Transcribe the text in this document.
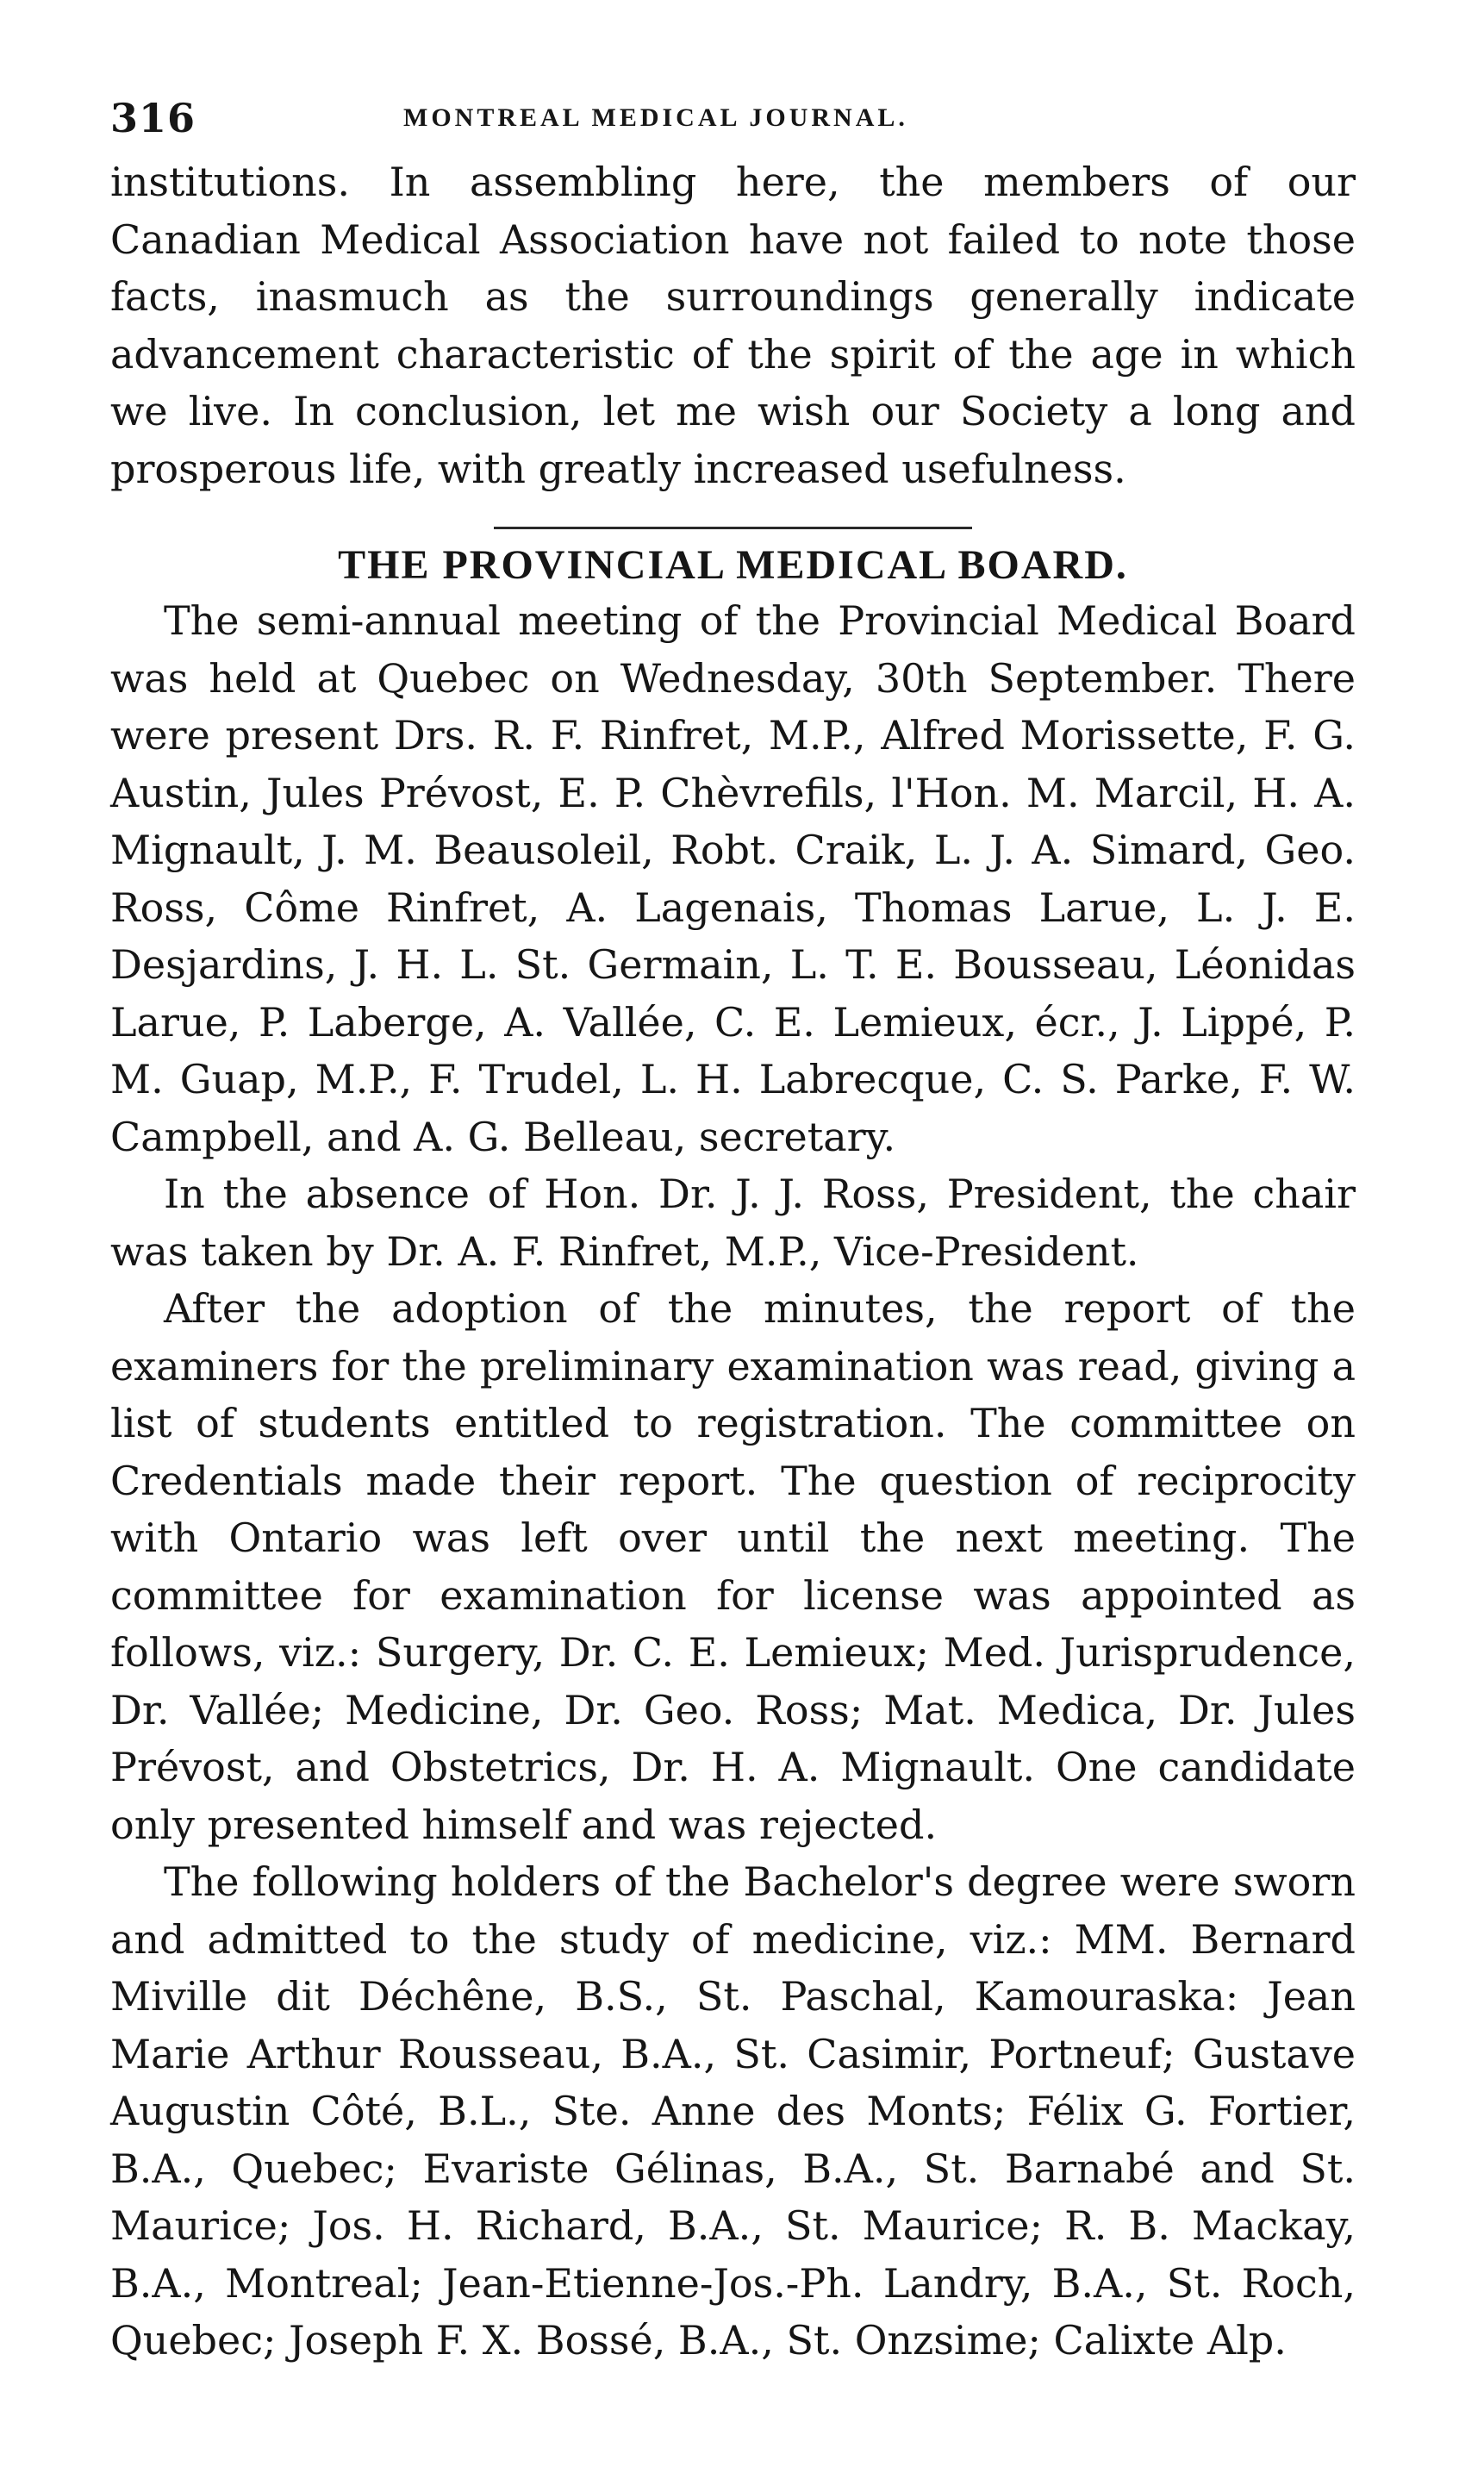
316	MONTREAL MEDICAL JOURNAL.

institutions. In assembling here, the members of our Canadian Medical Association have not failed to note those facts, inasmuch as the surroundings generally indicate advancement characteristic of the spirit of the age in which we live. In conclusion, let me wish our Society a long and prosperous life, with greatly increased usefulness.

THE PROVINCIAL MEDICAL BOARD.

The semi-annual meeting of the Provincial Medical Board was held at Quebec on Wednesday, 30th September. There were present Drs. R. F. Rinfret, M.P., Alfred Morissette, F. G. Austin, Jules Prévost, E. P. Chèvrefils, l'Hon. M. Marcil, H. A. Mignault, J. M. Beausoleil, Robt. Craik, L. J. A. Simard, Geo. Ross, Côme Rinfret, A. Lagenais, Thomas Larue, L. J. E. Desjardins, J. H. L. St. Germain, L. T. E. Bousseau, Léonidas Larue, P. Laberge, A. Vallée, C. E. Lemieux, écr., J. Lippé, P. M. Guap, M.P., F. Trudel, L. H. Labrecque, C. S. Parke, F. W. Campbell, and A. G. Belleau, secretary.

In the absence of Hon. Dr. J. J. Ross, President, the chair was taken by Dr. A. F. Rinfret, M.P., Vice-President.

After the adoption of the minutes, the report of the examiners for the preliminary examination was read, giving a list of students entitled to registration. The committee on Credentials made their report. The question of reciprocity with Ontario was left over until the next meeting. The committee for examination for license was appointed as follows, viz.: Surgery, Dr. C. E. Lemieux; Med. Jurisprudence, Dr. Vallée; Medicine, Dr. Geo. Ross; Mat. Medica, Dr. Jules Prévost, and Obstetrics, Dr. H. A. Mignault. One candidate only presented himself and was rejected.

The following holders of the Bachelor's degree were sworn and admitted to the study of medicine, viz.: MM. Bernard Miville dit Déchêne, B.S., St. Paschal, Kamouraska: Jean Marie Arthur Rousseau, B.A., St. Casimir, Portneuf; Gustave Augustin Côté, B.L., Ste. Anne des Monts; Félix G. Fortier, B.A., Quebec; Evariste Gélinas, B.A., St. Barnabé and St. Maurice; Jos. H. Richard, B.A., St. Maurice; R. B. Mackay, B.A., Montreal; Jean-Etienne-Jos.-Ph. Landry, B.A., St. Roch, Quebec; Joseph F. X. Bossé, B.A., St. Onzsime; Calixte Alp.
